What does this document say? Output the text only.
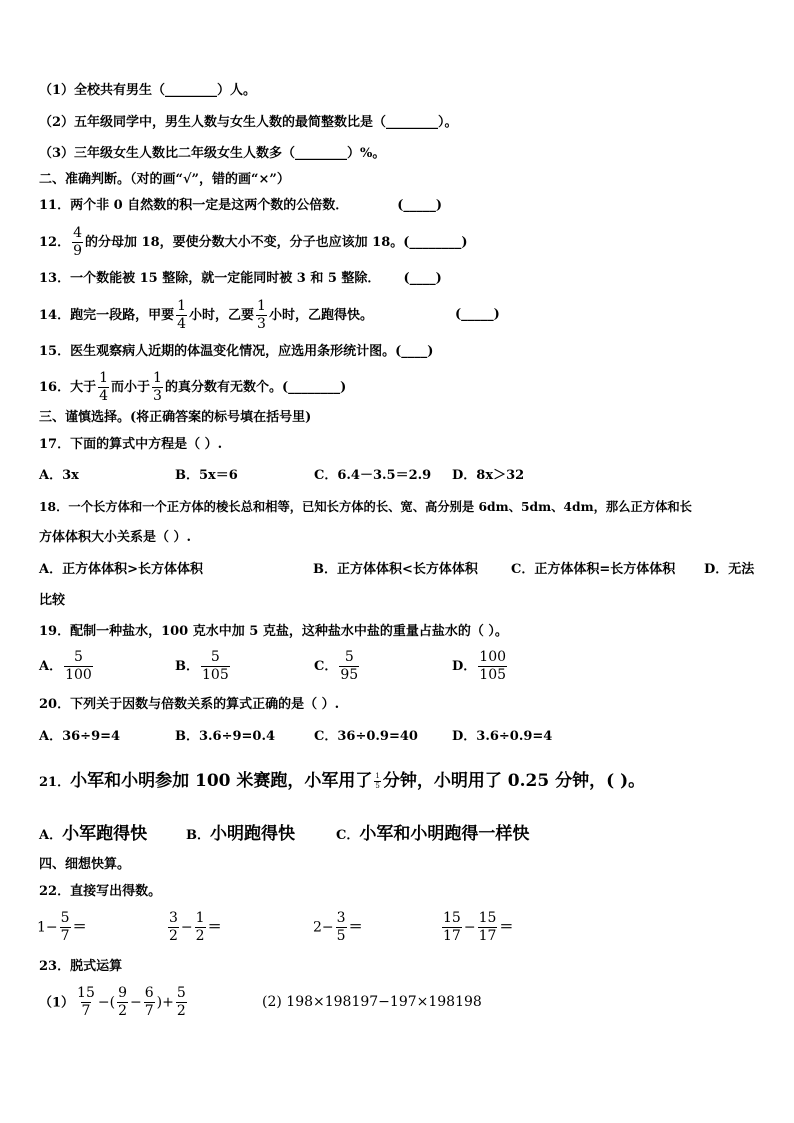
（1）全校共有男生（________）人。
（2）五年级同学中，男生人数与女生人数的最简整数比是（________）。
（3）三年级女生人数比二年级女生人数多（________）%。
二、准确判断。（对的画“√”，错的画“×”）
11．两个非 0 自然数的积一定是这两个数的公倍数．	(_____)
12． $\frac{4}{9}$ 的分母加 18，要使分数大小不变，分子也应该加 18。(________)
13．一个数能被 15 整除，就一定能同时被 3 和 5 整除． (____)
14．跑完一段路，甲要 $\frac{1}{4}$ 小时，乙要 $\frac{1}{3}$ 小时，乙跑得快。	(_____)
15．医生观察病人近期的体温变化情况，应选用条形统计图。(____)
16．大于 $\frac{1}{4}$ 而小于 $\frac{1}{3}$ 的真分数有无数个。(________)
三、谨慎选择。(将正确答案的标号填在括号里)
17．下面的算式中方程是（ ）.
A．3x	B．5x＝6	C．6.4－3.5＝2.9 D．8x＞32
18．一个长方体和一个正方体的棱长总和相等，已知长方体的长、宽、高分别是 6dm、5dm、4dm，那么正方体和长
方体体积大小关系是（ ）.
A．正方体体积>长方体体积	B．正方体体积<长方体体积	C．正方体体积=长方体体积 D．无法
比较
19．配制一种盐水，100 克水中加 5 克盐，这种盐水中盐的重量占盐水的（ ）。
A． $\frac{5}{100}$	B． $\frac{5}{105}$	C． $\frac{5}{95}$	D． $\frac{100}{105}$
20．下列关于因数与倍数关系的算式正确的是（ ）.
A．36÷9=4	B．3.6÷9=0.4	C．36÷0.9=40	D．3.6÷0.9=4
21．小军和小明参加 100 米赛跑，小军用了 $\frac{1}{5}$ 分钟，小明用了 0.25 分钟，( )。
A．小军跑得快	B．小明跑得快	C．小军和小明跑得一样快
四、细想快算。
22．直接写出得数。
$1- \frac{5}{7}$ ＝	$\frac{3}{2} - \frac{1}{2}$ ＝	$2- \frac{3}{5}$ ＝	$\frac{15}{17} - \frac{15}{17}$ ＝
23．脱式运算
$(1) \frac{15}{7}$ −( $\frac{9}{2} - \frac{6}{7}$ )+ $\frac{5}{2}$	(2) 198×198197−197×198198
